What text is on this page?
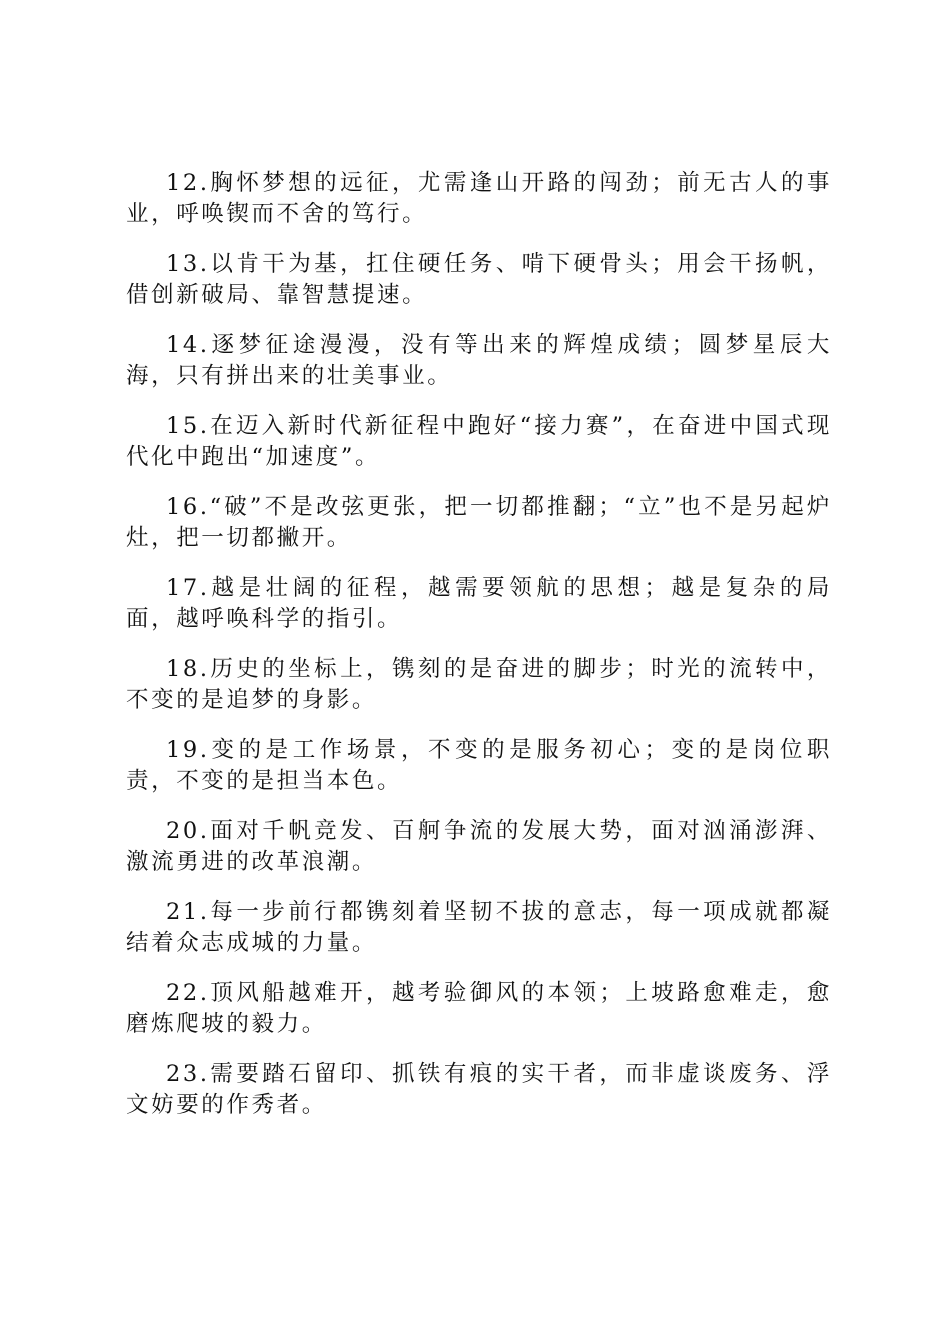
12.胸怀梦想的远征，尤需逢山开路的闯劲；前无古人的事业，呼唤锲而不舍的笃行。

13.以肯干为基，扛住硬任务、啃下硬骨头；用会干扬帆，借创新破局、靠智慧提速。

14.逐梦征途漫漫，没有等出来的辉煌成绩；圆梦星辰大海，只有拼出来的壮美事业。

15.在迈入新时代新征程中跑好“接力赛”，在奋进中国式现代化中跑出“加速度”。

16.“破”不是改弦更张，把一切都推翻；“立”也不是另起炉灶，把一切都撇开。

17.越是壮阔的征程，越需要领航的思想；越是复杂的局面，越呼唤科学的指引。

18.历史的坐标上，镌刻的是奋进的脚步；时光的流转中，不变的是追梦的身影。

19.变的是工作场景，不变的是服务初心；变的是岗位职责，不变的是担当本色。

20.面对千帆竞发、百舸争流的发展大势，面对汹涌澎湃、激流勇进的改革浪潮。

21.每一步前行都镌刻着坚韧不拔的意志，每一项成就都凝结着众志成城的力量。

22.顶风船越难开，越考验御风的本领；上坡路愈难走，愈磨炼爬坡的毅力。

23.需要踏石留印、抓铁有痕的实干者，而非虚谈废务、浮文妨要的作秀者。
